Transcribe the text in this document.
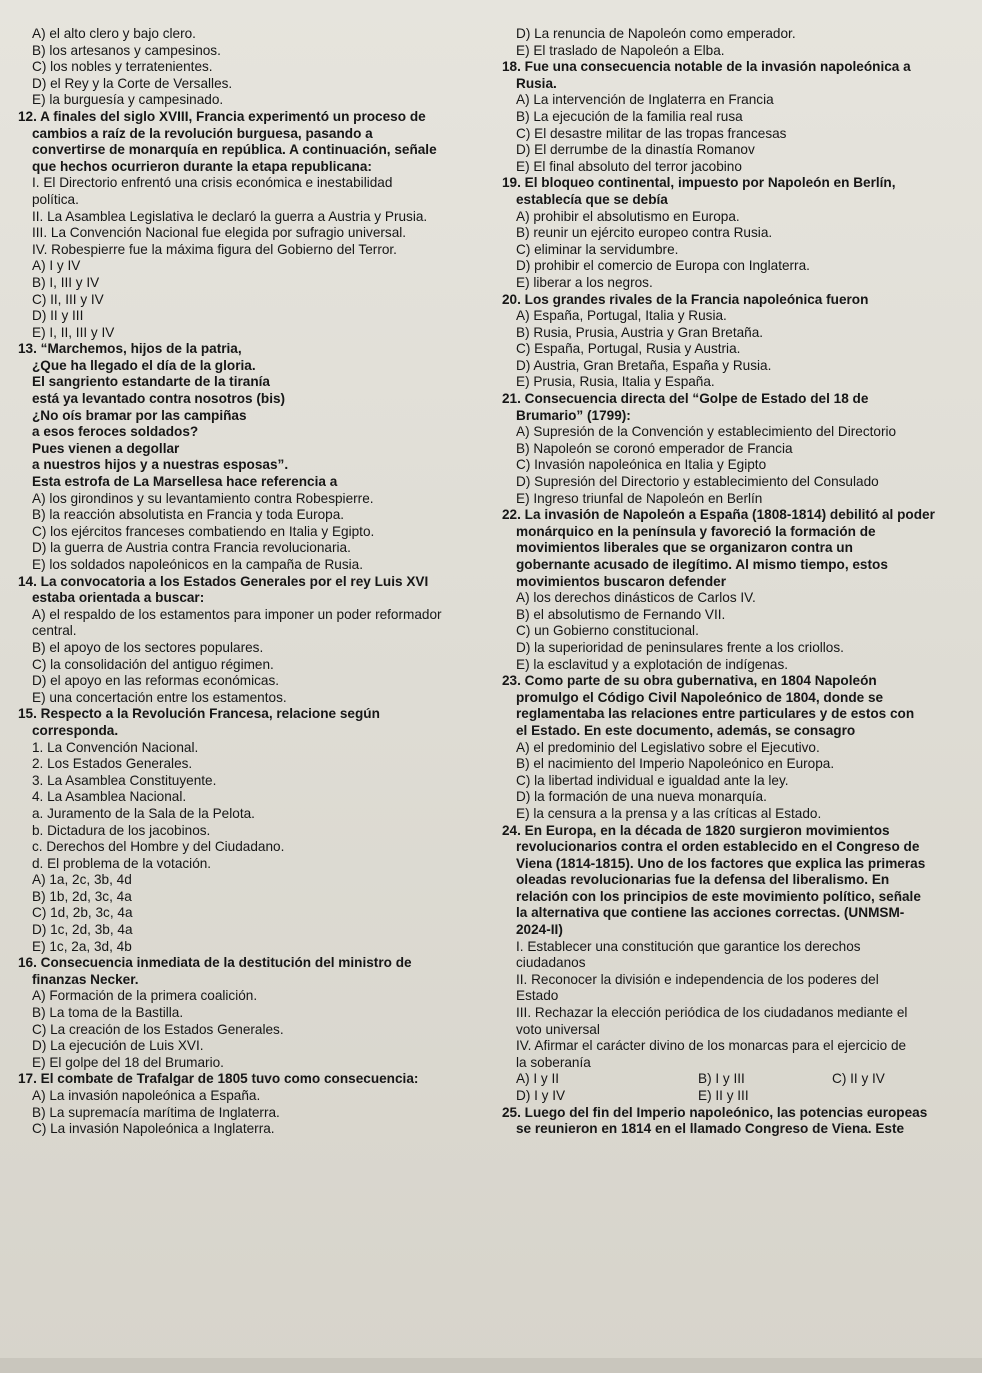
A) el alto clero y bajo clero.
B) los artesanos y campesinos.
C) los nobles y terratenientes.
D) el Rey y la Corte de Versalles.
E) la burguesía y campesinado.
12. A finales del siglo XVIII, Francia experimentó un proceso de
cambios a raíz de la revolución burguesa, pasando a
convertirse de monarquía en república. A continuación, señale
que hechos ocurrieron durante la etapa republicana:
I. El Directorio enfrentó una crisis económica e inestabilidad
política.
II. La Asamblea Legislativa le declaró la guerra a Austria y Prusia.
III. La Convención Nacional fue elegida por sufragio universal.
IV. Robespierre fue la máxima figura del Gobierno del Terror.
A) I y IV
B) I, III y IV
C) II, III y IV
D) II y III
E) I, II, III y IV
13. “Marchemos, hijos de la patria,
¿Que ha llegado el día de la gloria.
El sangriento estandarte de la tiranía
está ya levantado contra nosotros (bis)
¿No oís bramar por las campiñas
a esos feroces soldados?
Pues vienen a degollar
a nuestros hijos y a nuestras esposas”.
Esta estrofa de La Marsellesa hace referencia a
A) los girondinos y su levantamiento contra Robespierre.
B) la reacción absolutista en Francia y toda Europa.
C) los ejércitos franceses combatiendo en Italia y Egipto.
D) la guerra de Austria contra Francia revolucionaria.
E) los soldados napoleónicos en la campaña de Rusia.
14. La convocatoria a los Estados Generales por el rey Luis XVI
estaba orientada a buscar:
A) el respaldo de los estamentos para imponer un poder reformador
central.
B) el apoyo de los sectores populares.
C) la consolidación del antiguo régimen.
D) el apoyo en las reformas económicas.
E) una concertación entre los estamentos.
15. Respecto a la Revolución Francesa, relacione según
corresponda.
1. La Convención Nacional.
2. Los Estados Generales.
3. La Asamblea Constituyente.
4. La Asamblea Nacional.
a. Juramento de la Sala de la Pelota.
b. Dictadura de los jacobinos.
c. Derechos del Hombre y del Ciudadano.
d. El problema de la votación.
A) 1a, 2c, 3b, 4d
B) 1b, 2d, 3c, 4a
C) 1d, 2b, 3c, 4a
D) 1c, 2d, 3b, 4a
E) 1c, 2a, 3d, 4b
16. Consecuencia inmediata de la destitución del ministro de
finanzas Necker.
A) Formación de la primera coalición.
B) La toma de la Bastilla.
C) La creación de los Estados Generales.
D) La ejecución de Luis XVI.
E) El golpe del 18 del Brumario.
17. El combate de Trafalgar de 1805 tuvo como consecuencia:
A) La invasión napoleónica a España.
B) La supremacía marítima de Inglaterra.
C) La invasión Napoleónica a Inglaterra.
D) La renuncia de Napoleón como emperador.
E) El traslado de Napoleón a Elba.
18. Fue una consecuencia notable de la invasión napoleónica a
Rusia.
A) La intervención de Inglaterra en Francia
B) La ejecución de la familia real rusa
C) El desastre militar de las tropas francesas
D) El derrumbe de la dinastía Romanov
E) El final absoluto del terror jacobino
19. El bloqueo continental, impuesto por Napoleón en Berlín,
establecía que se debía
A) prohibir el absolutismo en Europa.
B) reunir un ejército europeo contra Rusia.
C) eliminar la servidumbre.
D) prohibir el comercio de Europa con Inglaterra.
E) liberar a los negros.
20. Los grandes rivales de la Francia napoleónica fueron
A) España, Portugal, Italia y Rusia.
B) Rusia, Prusia, Austria y Gran Bretaña.
C) España, Portugal, Rusia y Austria.
D) Austria, Gran Bretaña, España y Rusia.
E) Prusia, Rusia, Italia y España.
21. Consecuencia directa del “Golpe de Estado del 18 de
Brumario” (1799):
A) Supresión de la Convención y establecimiento del Directorio
B) Napoleón se coronó emperador de Francia
C) Invasión napoleónica en Italia y Egipto
D) Supresión del Directorio y establecimiento del Consulado
E) Ingreso triunfal de Napoleón en Berlín
22. La invasión de Napoleón a España (1808-1814) debilitó al poder
monárquico en la península y favoreció la formación de
movimientos liberales que se organizaron contra un
gobernante acusado de ilegítimo. Al mismo tiempo, estos
movimientos buscaron defender
A) los derechos dinásticos de Carlos IV.
B) el absolutismo de Fernando VII.
C) un Gobierno constitucional.
D) la superioridad de peninsulares frente a los criollos.
E) la esclavitud y a explotación de indígenas.
23. Como parte de su obra gubernativa, en 1804 Napoleón
promulgo el Código Civil Napoleónico de 1804, donde se
reglamentaba las relaciones entre particulares y de estos con
el Estado. En este documento, además, se consagro
A) el predominio del Legislativo sobre el Ejecutivo.
B) el nacimiento del Imperio Napoleónico en Europa.
C) la libertad individual e igualdad ante la ley.
D) la formación de una nueva monarquía.
E) la censura a la prensa y a las críticas al Estado.
24. En Europa, en la década de 1820 surgieron movimientos
revolucionarios contra el orden establecido en el Congreso de
Viena (1814-1815). Uno de los factores que explica las primeras
oleadas revolucionarias fue la defensa del liberalismo. En
relación con los principios de este movimiento político, señale
la alternativa que contiene las acciones correctas. (UNMSM-
2024-II)
I. Establecer una constitución que garantice los derechos
ciudadanos
II. Reconocer la división e independencia de los poderes del
Estado
III. Rechazar la elección periódica de los ciudadanos mediante el
voto universal
IV. Afirmar el carácter divino de los monarcas para el ejercicio de
la soberanía
A) I y II	B) I y III	C) II y IV
D) I y IV	E) II y III
25. Luego del fin del Imperio napoleónico, las potencias europeas
se reunieron en 1814 en el llamado Congreso de Viena. Este
